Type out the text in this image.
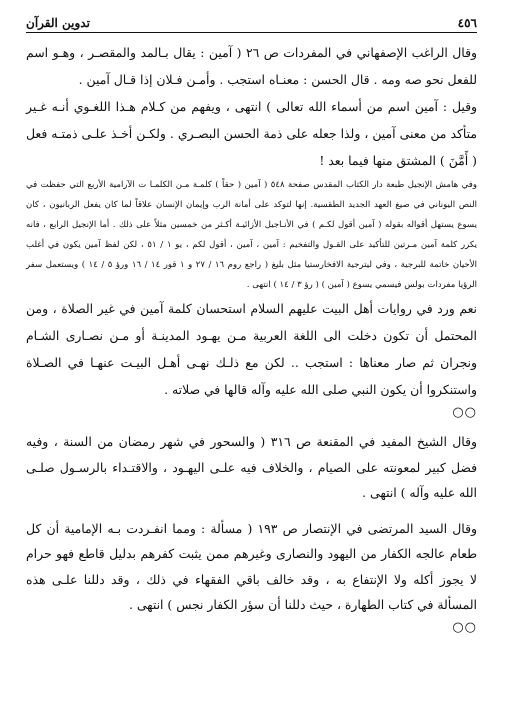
٤٥٦
تدوين القرآن

وقال الراغب الإصفهاني في المفردات ص ٢٦ ( آمين : يقال بـالمد والمقصـر ، وهـو اسم للفعل نحو صه ومه . قال الحسن : معنـاه استجب . وأمـن فـلان إذا قـال آمين .

وقيل : آمين اسم من أسماء الله تعالى ) انتهى ، ويفهم من كـلام هـذا اللغـوي أنـه غـير متأكد من معنى آمين ، ولذا جعله على ذمة الحسن البصـري . ولكـن أخـذ علـى ذمتـه فعل ( أَمَّنَ ) المشتق منها فيما بعد !

وفي هامش الإنجيل طبعة دار الكتاب المقدس صفحة ٥٤٨ ( آمين ( حقاً ) كلمـة مـن الكلمـا ت الآرامية الأربع التي حفظت في النص اليوناني في صيغ العهد الجديد الطقسية. إنها لتوكد على أمانة الرب وإيمان الإنسان علاقاً لما كان يفعل الربانيون ، كان يسوع يستهل أقواله بقوله ( آمين أقول لكـم ) في الأنـاجيل الأزائيـة أكـثر من خمسين مثلاً على ذلك . أما الإنجيل الرابع ، فانه يكرر كلمة آمين مـرتين للتأكيد على القـول والتفخيم : آمين ، آمين ، أقول لكم ، يو ١ / ٥١ ، لكن لفظ آمين يكون في أغلب الأحيان خاتمة للبرجية ، وفي ليترجية الافخارستيا مثل بليغ ( راجع روم ١٦ / ٢٧ و ١ قور ١٤ / ١٦ ورؤ ٥ / ١٤ ) ويستعمل سفر الرؤيا مفردات بولس فيسمي يسوع ( آمين ) ( رؤ ٣ / ١٤ ) انتهى .

نعم ورد في روايات أهل البيت عليهم السلام استحسان كلمة آمين في غير الصلاة ، ومن المحتمل أن تكون دخلت الى اللغة العربية مـن يهـود المدينـة أو مـن نصـارى الشـام ونجران ثم صار معناها : استجب .. لكن مع ذلـك نهـى أهـل البيـت عنهـا في الصـلاة واستنكروا أن يكون النبي صلى الله عليه وآله قالها في صلاته .

○○

وقال الشيخ المفيد في المقنعة ص ٣١٦ ( والسحور في شهر رمضان من السنة ، وفيه فضل كبير لمعونته على الصيام ، والخلاف فيه علـى اليهـود ، والاقتـداء بالرسـول صلـى الله عليه وآله ) انتهى .

وقال السيد المرتضى في الإنتصار ص ١٩٣ ( مسألة : ومما انفـردت بـه الإمامية أن كل طعام عالجه الكفار من اليهود والنصارى وغيرهم ممن يثبت كفرهم بدليل قاطع فهو حرام لا يجوز أكله ولا الإنتفاع به ، وقد خالف باقي الفقهاء في ذلك ، وقد دللنا علـى هذه المسألة في كتاب الطهارة ، حيث دللنا أن سؤر الكفار نجس ) انتهى .

○○
